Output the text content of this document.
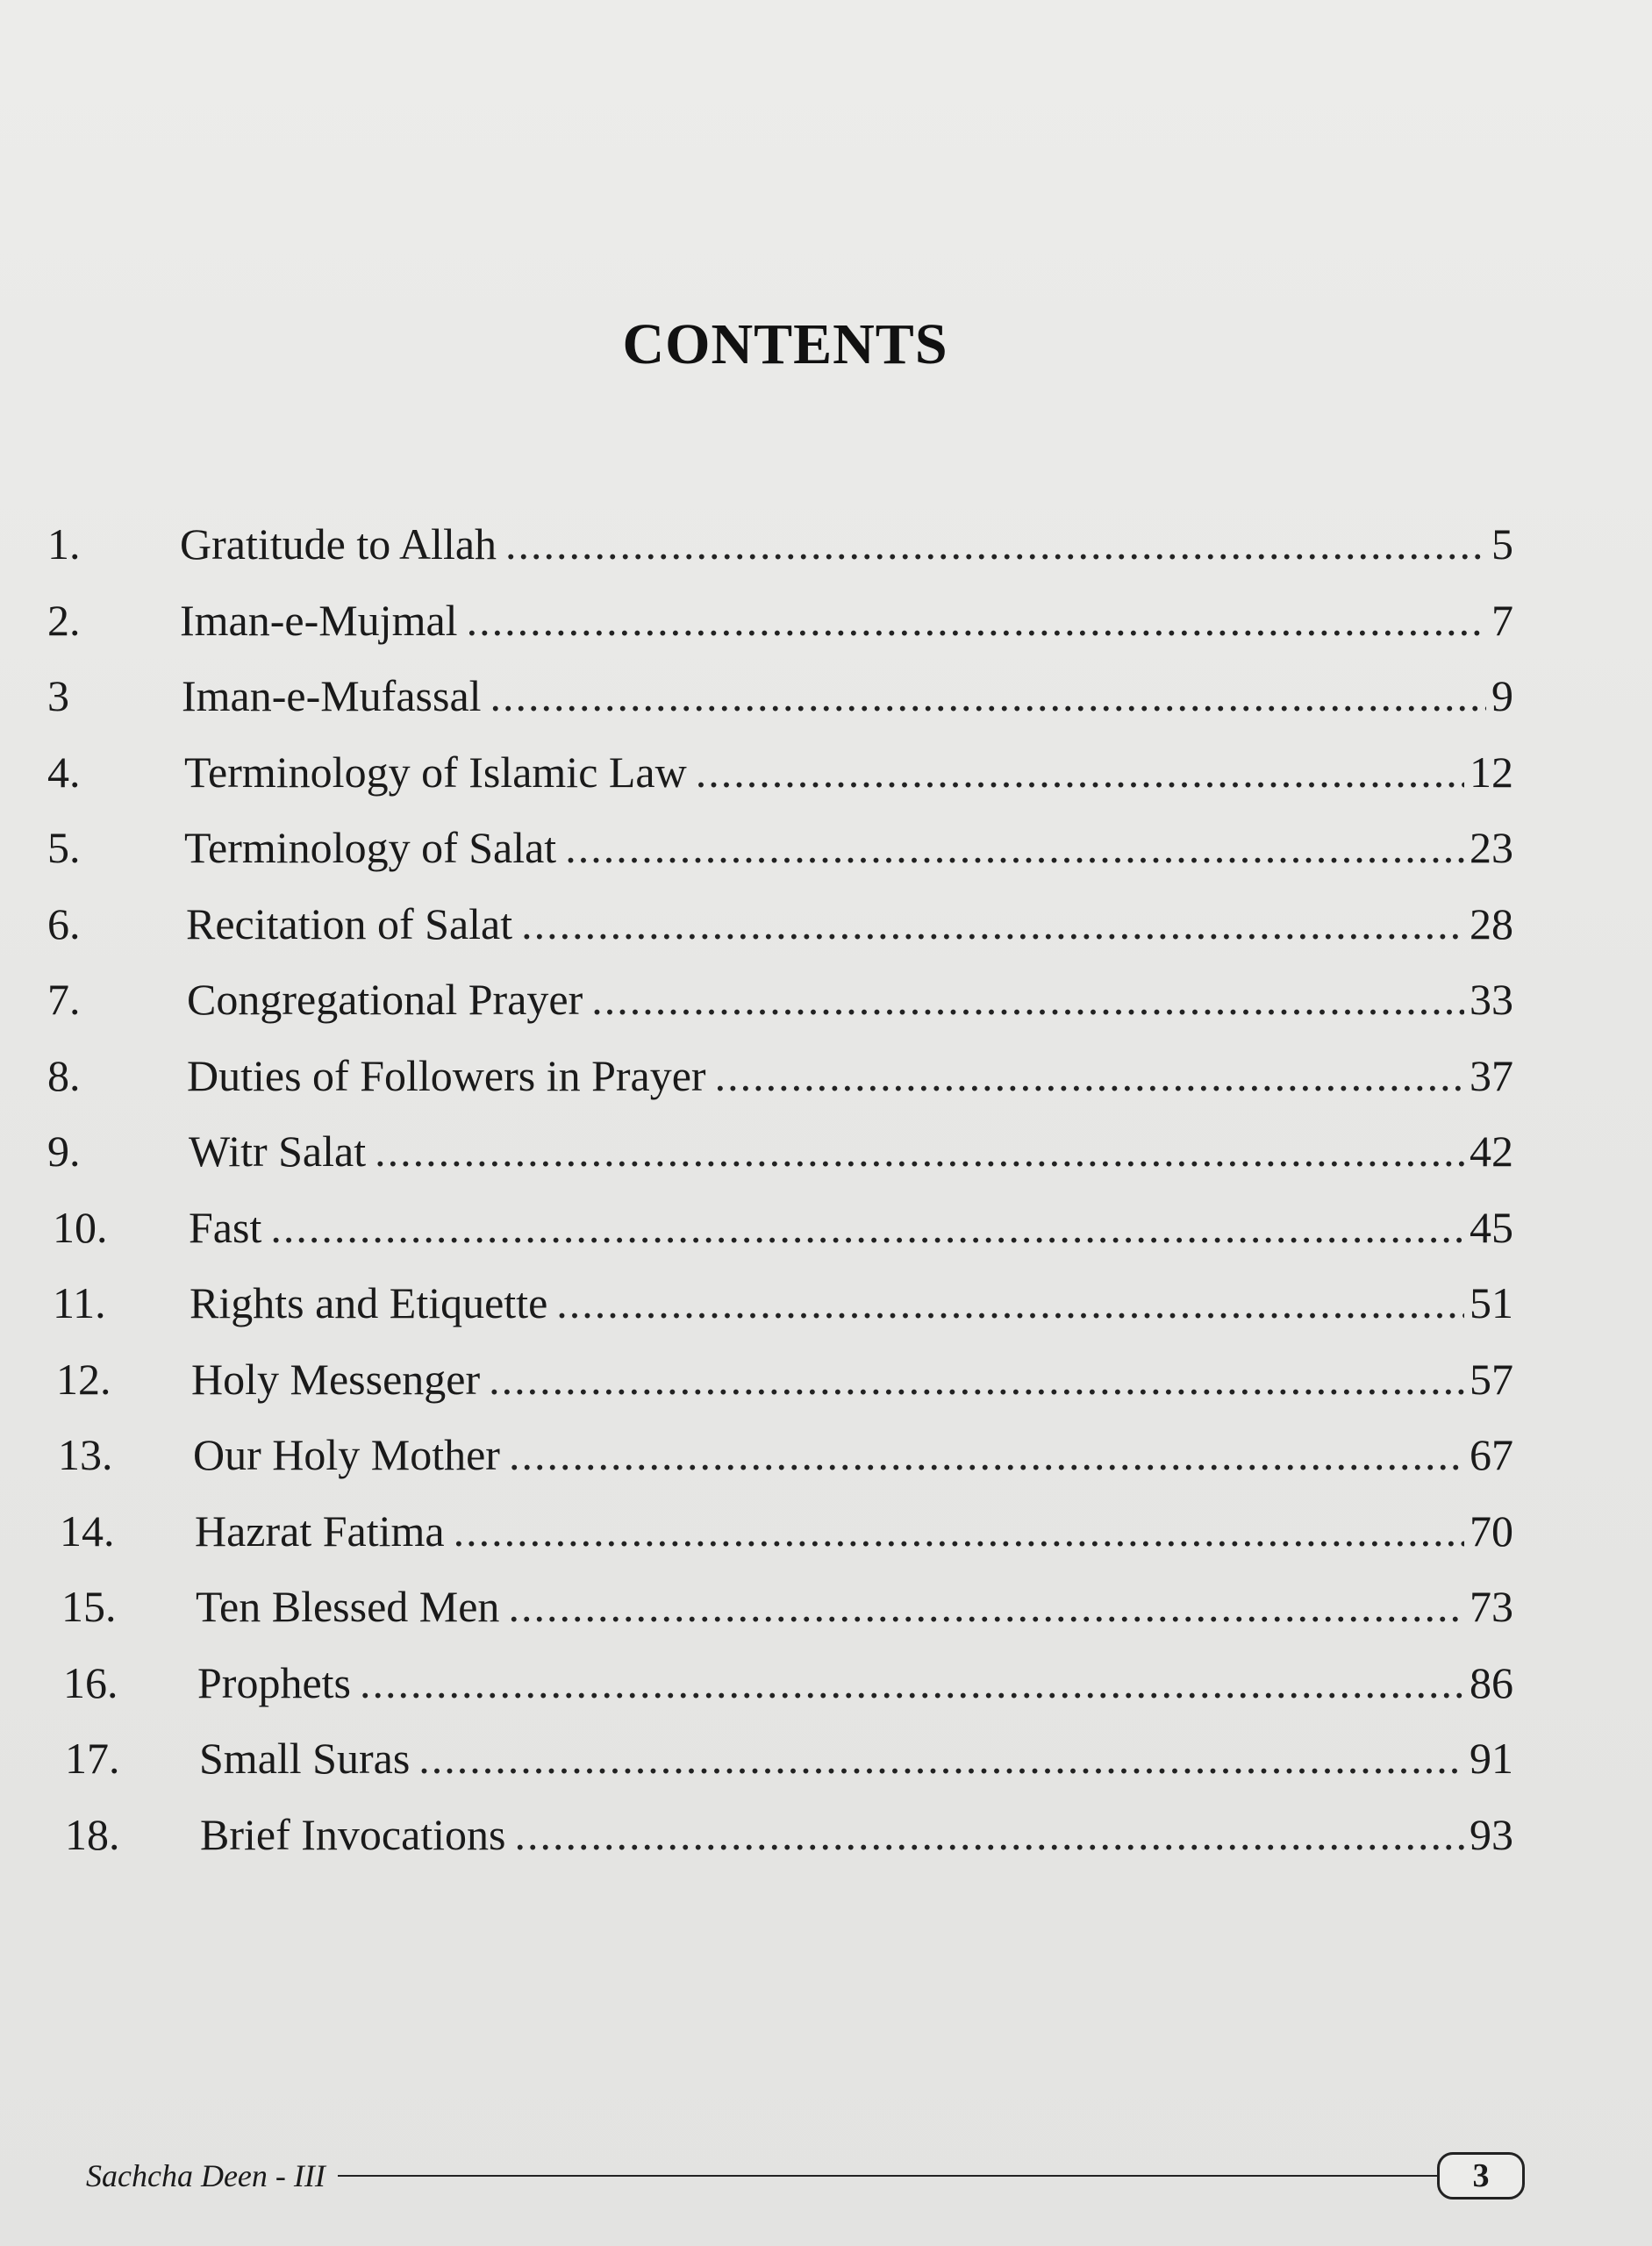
CONTENTS
1. Gratitude to Allah .....	5
2. Iman-e-Mujmal .....	7
3	Iman-e-Mufassal .....	9
4. Terminology of Islamic Law .....	12
5. Terminology of Salat .....	23
6. Recitation of Salat .....	28
7. Congregational Prayer .....	33
8. Duties of Followers in Prayer .....	37
9. Witr Salat .....	42
10. Fast .....	45
11. Rights and Etiquette .....	51
12. Holy Messenger .....	57
13. Our Holy Mother .....	67
14. Hazrat Fatima .....	70
15. Ten Blessed Men .....	73
16. Prophets .....	86
17. Small Suras .....	91
18. Brief Invocations .....	93
Sachcha Deen - III	3
